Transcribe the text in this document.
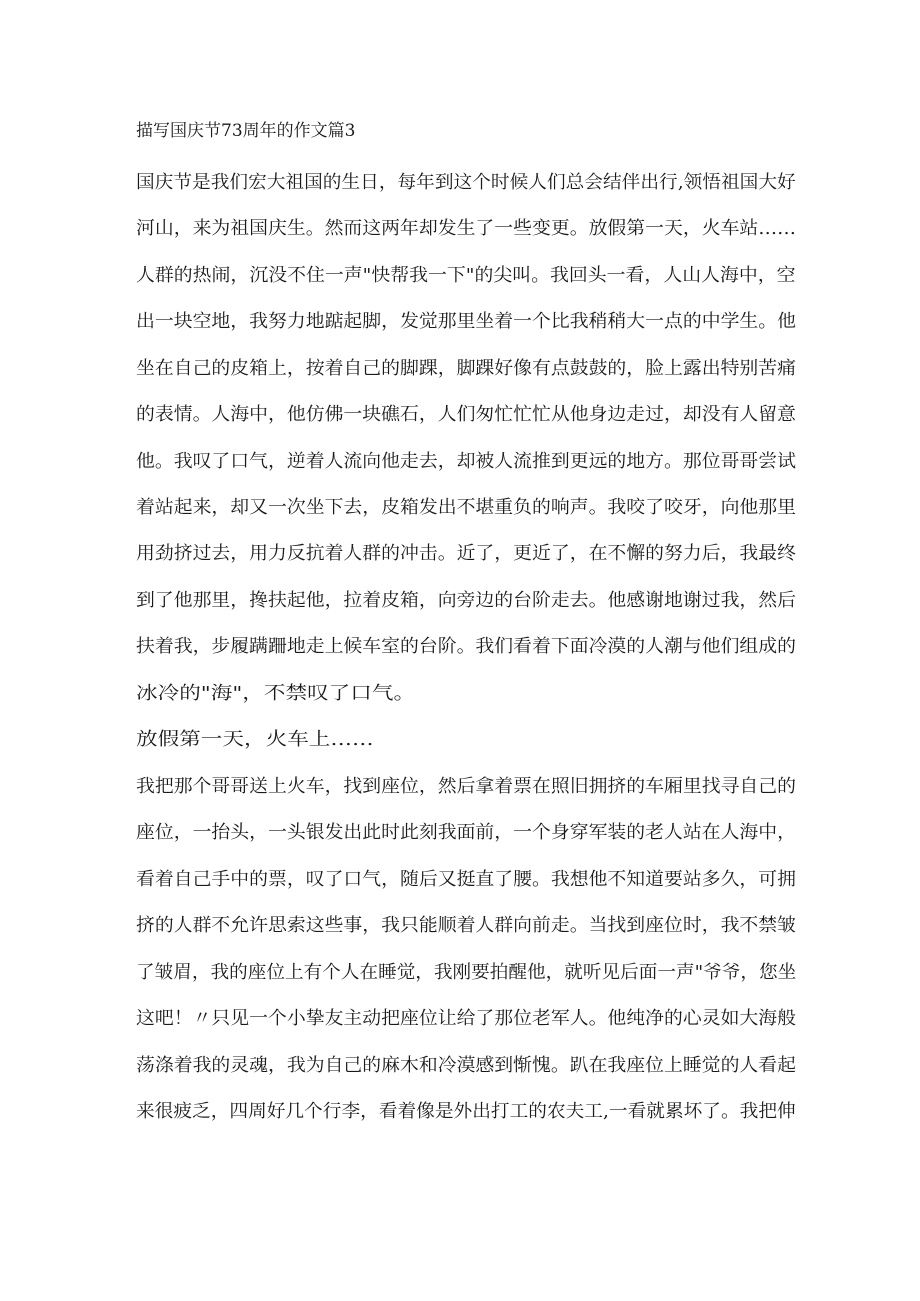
描写国庆节73周年的作文篇3
国庆节是我们宏大祖国的生日，每年到这个时候人们总会结伴出行,领悟祖国大好
河山，来为祖国庆生。然而这两年却发生了一些变更。放假第一天，火车站……
人群的热闹，沉没不住一声"快帮我一下"的尖叫。我回头一看，人山人海中，空
出一块空地，我努力地踮起脚，发觉那里坐着一个比我稍稍大一点的中学生。他
坐在自己的皮箱上，按着自己的脚踝，脚踝好像有点鼓鼓的，脸上露出特别苦痛
的表情。人海中，他仿佛一块礁石，人们匆忙忙忙从他身边走过，却没有人留意
他。我叹了口气，逆着人流向他走去，却被人流推到更远的地方。那位哥哥尝试
着站起来，却又一次坐下去，皮箱发出不堪重负的响声。我咬了咬牙，向他那里
用劲挤过去，用力反抗着人群的冲击。近了，更近了，在不懈的努力后，我最终
到了他那里，搀扶起他，拉着皮箱，向旁边的台阶走去。他感谢地谢过我，然后
扶着我，步履蹒跚地走上候车室的台阶。我们看着下面冷漠的人潮与他们组成的
冰冷的"海"，不禁叹了口气。
放假第一天，火车上……
我把那个哥哥送上火车，找到座位，然后拿着票在照旧拥挤的车厢里找寻自己的
座位，一抬头，一头银发出此时此刻我面前，一个身穿军装的老人站在人海中，
看着自己手中的票，叹了口气，随后又挺直了腰。我想他不知道要站多久，可拥
挤的人群不允许思索这些事，我只能顺着人群向前走。当找到座位时，我不禁皱
了皱眉，我的座位上有个人在睡觉，我刚要拍醒他，就听见后面一声"爷爷，您坐
这吧！〃只见一个小挚友主动把座位让给了那位老军人。他纯净的心灵如大海般
荡涤着我的灵魂，我为自己的麻木和冷漠感到惭愧。趴在我座位上睡觉的人看起
来很疲乏，四周好几个行李，看着像是外出打工的农夫工,一看就累坏了。我把伸
